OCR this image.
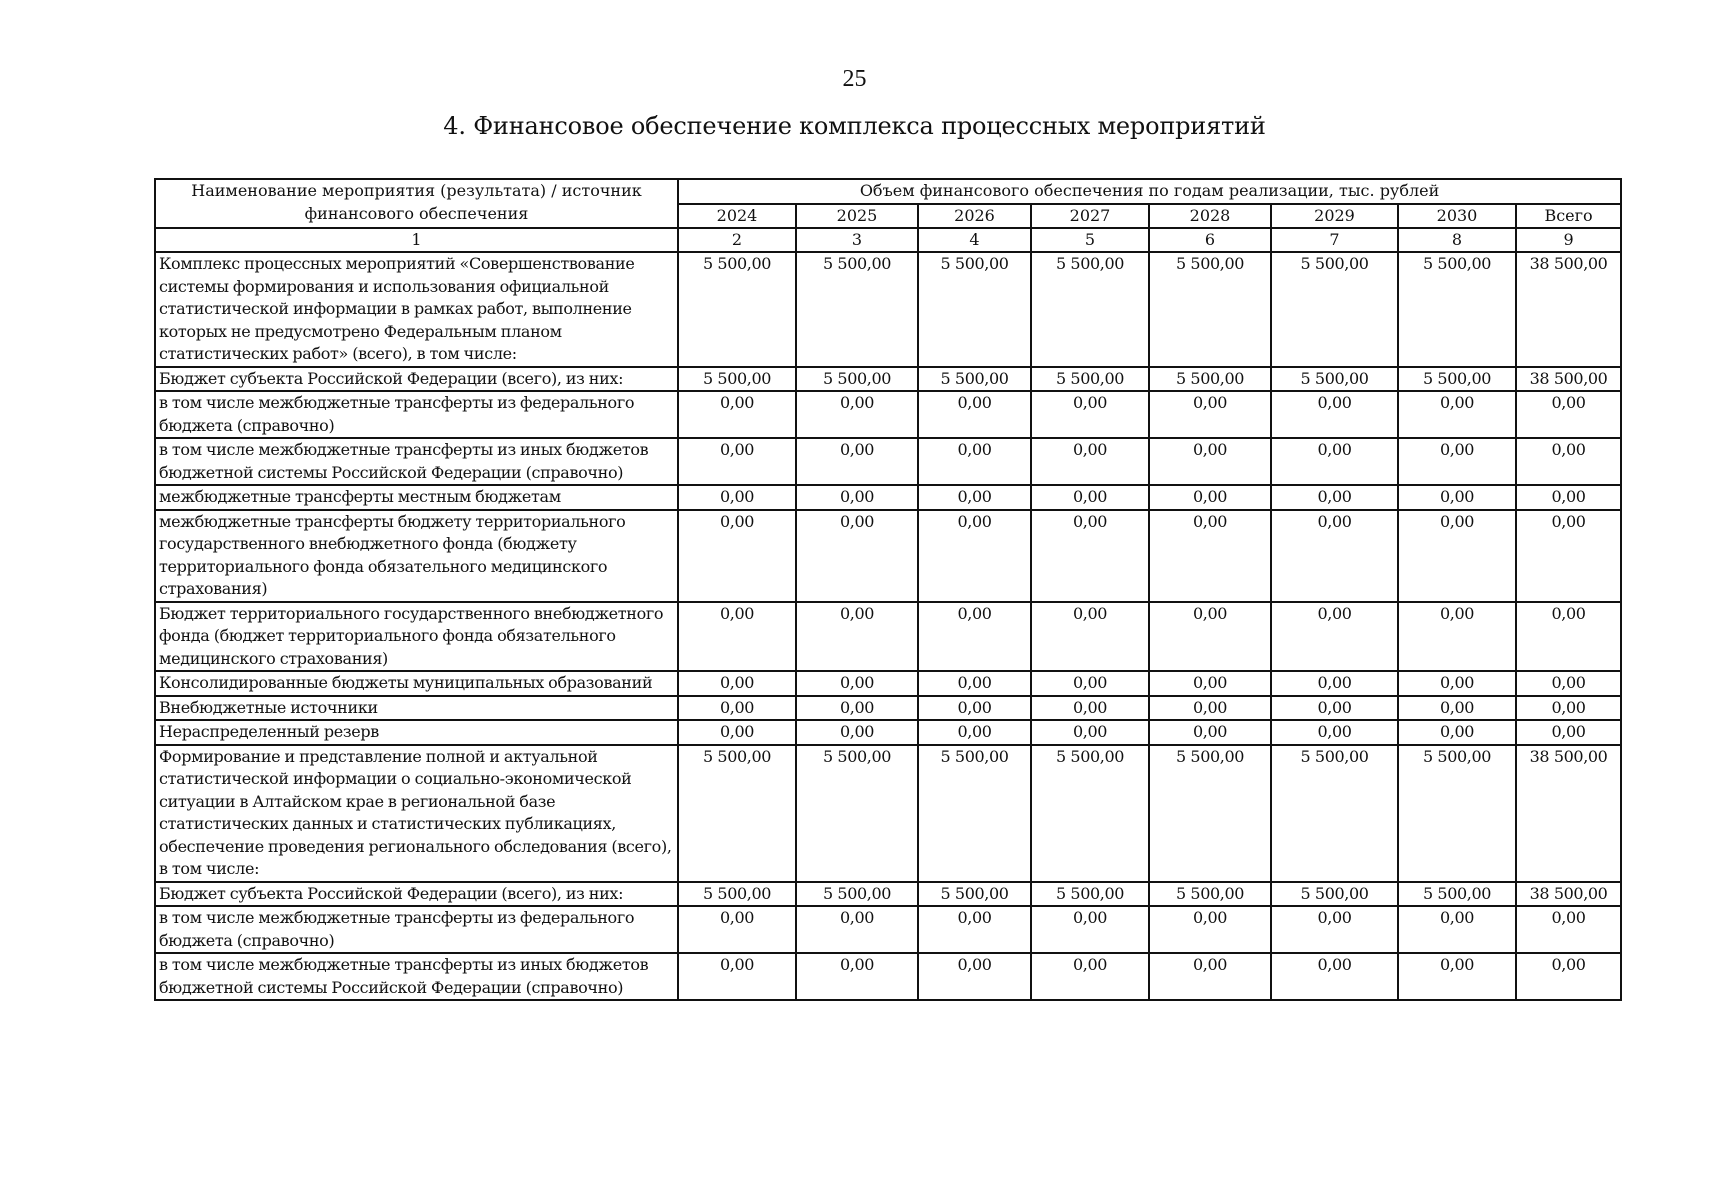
25
4. Финансовое обеспечение комплекса процессных мероприятий
Наименование мероприятия (результата) / источник финансового обеспечения	Объем финансового обеспечения по годам реализации, тыс. рублей							
	2024	2025	2026	2027	2028	2029	2030	Всего
1	2	3	4	5	6	7	8	9
Комплекс процессных мероприятий «Совершенствование системы формирования и использования официальной статистической информации в рамках работ, выполнение которых не предусмотрено Федеральным планом статистических работ» (всего), в том числе:	5 500,00	5 500,00	5 500,00	5 500,00	5 500,00	5 500,00	5 500,00	38 500,00
Бюджет субъекта Российской Федерации (всего), из них:	5 500,00	5 500,00	5 500,00	5 500,00	5 500,00	5 500,00	5 500,00	38 500,00
в том числе межбюджетные трансферты из федерального бюджета (справочно)	0,00	0,00	0,00	0,00	0,00	0,00	0,00	0,00
в том числе межбюджетные трансферты из иных бюджетов бюджетной системы Российской Федерации (справочно)	0,00	0,00	0,00	0,00	0,00	0,00	0,00	0,00
межбюджетные трансферты местным бюджетам	0,00	0,00	0,00	0,00	0,00	0,00	0,00	0,00
межбюджетные трансферты бюджету территориального государственного внебюджетного фонда (бюджету территориального фонда обязательного медицинского страхования)	0,00	0,00	0,00	0,00	0,00	0,00	0,00	0,00
Бюджет территориального государственного внебюджетного фонда (бюджет территориального фонда обязательного медицинского страхования)	0,00	0,00	0,00	0,00	0,00	0,00	0,00	0,00
Консолидированные бюджеты муниципальных образований	0,00	0,00	0,00	0,00	0,00	0,00	0,00	0,00
Внебюджетные источники	0,00	0,00	0,00	0,00	0,00	0,00	0,00	0,00
Нераспределенный резерв	0,00	0,00	0,00	0,00	0,00	0,00	0,00	0,00
Формирование и представление полной и актуальной статистической информации о социально-экономической ситуации в Алтайском крае в региональной базе статистических данных и статистических публикациях, обеспечение проведения регионального обследования (всего), в том числе:	5 500,00	5 500,00	5 500,00	5 500,00	5 500,00	5 500,00	5 500,00	38 500,00
Бюджет субъекта Российской Федерации (всего), из них:	5 500,00	5 500,00	5 500,00	5 500,00	5 500,00	5 500,00	5 500,00	38 500,00
в том числе межбюджетные трансферты из федерального бюджета (справочно)	0,00	0,00	0,00	0,00	0,00	0,00	0,00	0,00
в том числе межбюджетные трансферты из иных бюджетов бюджетной системы Российской Федерации (справочно)	0,00	0,00	0,00	0,00	0,00	0,00	0,00	0,00
